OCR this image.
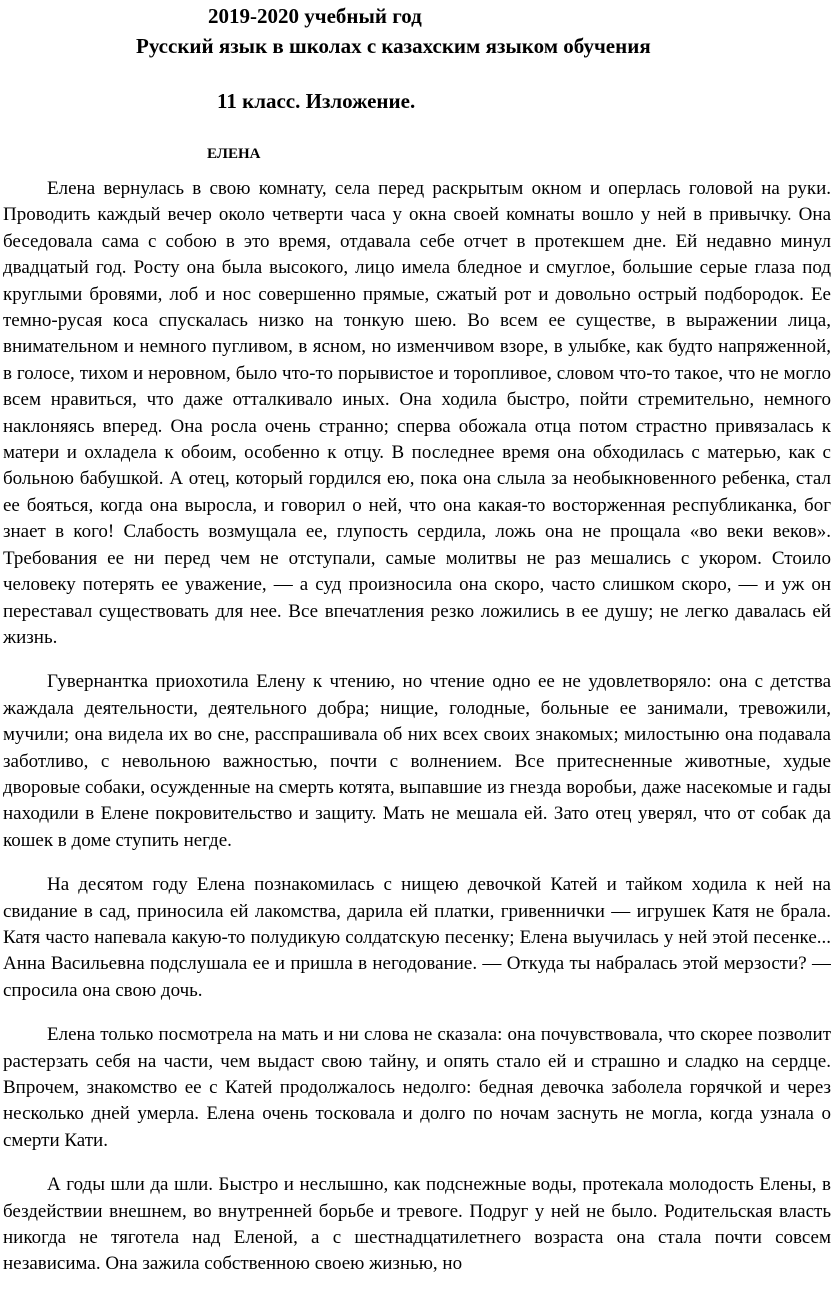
2019-2020 учебный год

Русский язык в школах с казахским языком обучения

11 класс. Изложение.

ЕЛЕНА

Елена вернулась в свою комнату, села перед раскрытым окном и оперлась головой на руки. Проводить каждый вечер около четверти часа у окна своей комнаты вошло у ней в привычку. Она беседовала сама с собою в это время, отдавала себе отчет в протекшем дне. Ей недавно минул двадцатый год. Росту она была высокого, лицо имела бледное и смуглое, большие серые глаза под круглыми бровями, лоб и нос совершенно прямые, сжатый рот и довольно острый подбородок. Ее темно-русая коса спускалась низко на тонкую шею. Во всем ее существе, в выражении лица, внимательном и немного пугливом, в ясном, но изменчивом взоре, в улыбке, как будто напряженной, в голосе, тихом и неровном, было что-то порывистое и торопливое, словом что-то такое, что не могло всем нравиться, что даже отталкивало иных. Она ходила быстро, пойти стремительно, немного наклоняясь вперед. Она росла очень странно; сперва обожала отца потом страстно привязалась к матери и охладела к обоим, особенно к отцу. В последнее время она обходилась с матерью, как с больною бабушкой. А отец, который гордился ею, пока она слыла за необыкновенного ребенка, стал ее бояться, когда она выросла, и говорил о ней, что она какая-то восторженная республиканка, бог знает в кого! Слабость возмущала ее, глупость сердила, ложь она не прощала «во веки веков». Требования ее ни перед чем не отступали, самые молитвы не раз мешались с укором. Стоило человеку потерять ее уважение, — а суд произносила она скоро, часто слишком скоро, — и уж он переставал существовать для нее. Все впечатления резко ложились в ее душу; не легко давалась ей жизнь.

Гувернантка приохотила Елену к чтению, но чтение одно ее не удовлетворяло: она с детства жаждала деятельности, деятельного добра; нищие, голодные, больные ее занимали, тревожили, мучили; она видела их во сне, расспрашивала об них всех своих знакомых; милостыню она подавала заботливо, с невольною важностью, почти с волнением. Все притесненные животные, худые дворовые собаки, осужденные на смерть котята, выпавшие из гнезда воробьи, даже насекомые и гады находили в Елене покровительство и защиту. Мать не мешала ей. Зато отец уверял, что от собак да кошек в доме ступить негде.

На десятом году Елена познакомилась с нищею девочкой Катей и тайком ходила к ней на свидание в сад, приносила ей лакомства, дарила ей платки, гривеннички — игрушек Катя не брала. Катя часто напевала какую-то полудикую солдатскую песенку; Елена выучилась у ней этой песенке... Анна Васильевна подслушала ее и пришла в негодование. — Откуда ты набралась этой мерзости? — спросила она свою дочь.

Елена только посмотрела на мать и ни слова не сказала: она почувствовала, что скорее позволит растерзать себя на части, чем выдаст свою тайну, и опять стало ей и страшно и сладко на сердце. Впрочем, знакомство ее с Катей продолжалось недолго: бедная девочка заболела горячкой и через несколько дней умерла. Елена очень тосковала и долго по ночам заснуть не могла, когда узнала о смерти Кати.

А годы шли да шли. Быстро и неслышно, как подснежные воды, протекала молодость Елены, в бездействии внешнем, во внутренней борьбе и тревоге. Подруг у ней не было. Родительская власть никогда не тяготела над Еленой, а с шестнадцатилетнего возраста она стала почти совсем независима. Она зажила собственною своею жизнью, но
